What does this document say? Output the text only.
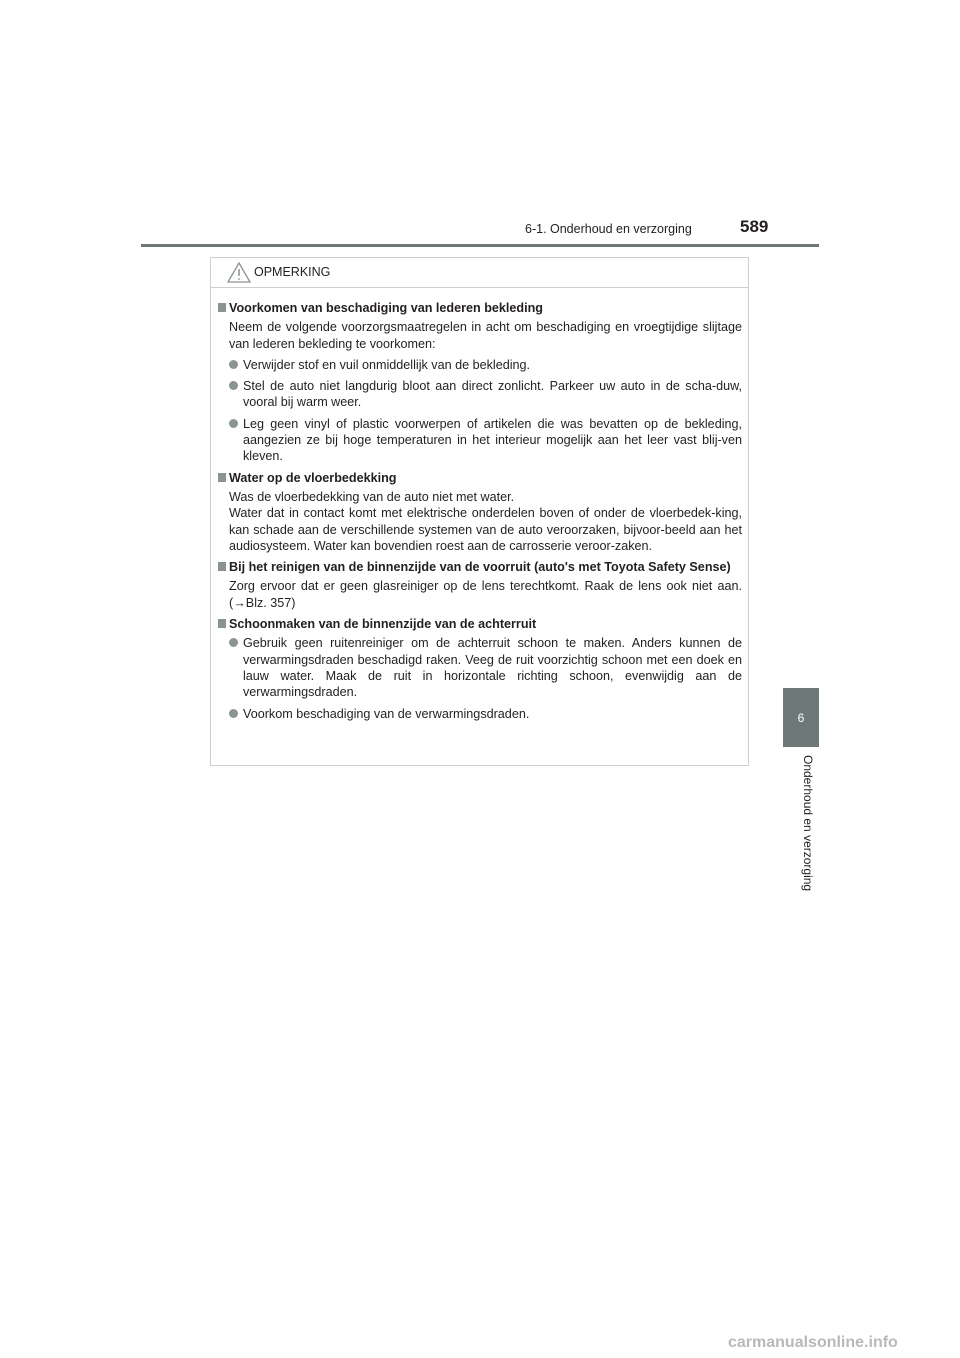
6-1. Onderhoud en verzorging	589
6
Onderhoud en verzorging
OPMERKING
Voorkomen van beschadiging van lederen bekleding
Neem de volgende voorzorgsmaatregelen in acht om beschadiging en vroegtijdige slijtage van lederen bekleding te voorkomen:
Verwijder stof en vuil onmiddellijk van de bekleding.
Stel de auto niet langdurig bloot aan direct zonlicht. Parkeer uw auto in de scha-duw, vooral bij warm weer.
Leg geen vinyl of plastic voorwerpen of artikelen die was bevatten op de bekleding, aangezien ze bij hoge temperaturen in het interieur mogelijk aan het leer vast blij-ven kleven.
Water op de vloerbedekking
Was de vloerbedekking van de auto niet met water.
Water dat in contact komt met elektrische onderdelen boven of onder de vloerbedek-king, kan schade aan de verschillende systemen van de auto veroorzaken, bijvoor-beeld aan het audiosysteem. Water kan bovendien roest aan de carrosserie veroor-zaken.
Bij het reinigen van de binnenzijde van de voorruit (auto's met Toyota Safety Sense)
Zorg ervoor dat er geen glasreiniger op de lens terechtkomt. Raak de lens ook niet aan. (→Blz. 357)
Schoonmaken van de binnenzijde van de achterruit
Gebruik geen ruitenreiniger om de achterruit schoon te maken. Anders kunnen de verwarmingsdraden beschadigd raken. Veeg de ruit voorzichtig schoon met een doek en lauw water. Maak de ruit in horizontale richting schoon, evenwijdig aan de verwarmingsdraden.
Voorkom beschadiging van de verwarmingsdraden.
carmanualsonline.info
